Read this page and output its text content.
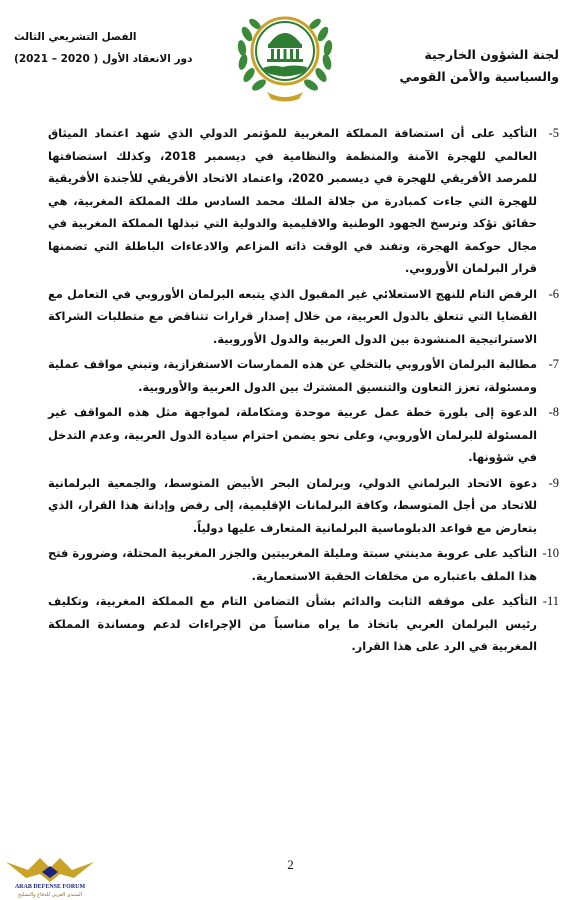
لجنة الشؤون الخارجية
والسياسية والأمن القومي
الفصل التشريعي الثالث
دور الانعقاد الأول ( 2020 – 2021)
5-
التأكيد على أن استضافة المملكة المغربية للمؤتمر الدولي الذي شهد اعتماد الميثاق العالمي للهجرة الآمنة والمنظمة والنظامية في ديسمبر 2018، وكذلك استضافتها للمرصد الأفريقي للهجرة في ديسمبر 2020، واعتماد الاتحاد الأفريقي للأجندة الأفريقية للهجرة التي جاءت كمبادرة من جلالة الملك محمد السادس ملك المملكة المغربية، هي حقائق تؤكد وترسخ الجهود الوطنية والاقليمية والدولية التي تبذلها المملكة المغربية في مجال حوكمة الهجرة، وتفند في الوقت ذاته المزاعم والادعاءات الباطلة التي تضمنها قرار البرلمان الأوروبي.
6-
الرفض التام للنهج الاستعلائي غير المقبول الذي يتبعه البرلمان الأوروبي في التعامل مع القضايا التي تتعلق بالدول العربية، من خلال إصدار قرارات تتناقض مع متطلبات الشراكة الاستراتيجية المنشودة بين الدول العربية والدول الأوروبية.
7-
مطالبة البرلمان الأوروبي بالتخلي عن هذه الممارسات الاستفزازية، وتبني مواقف عملية ومسئولة، تعزز التعاون والتنسيق المشترك بين الدول العربية والأوروبية.
8-
الدعوة إلى بلورة خطة عمل عربية موحدة ومتكاملة، لمواجهة مثل هذه المواقف غير المسئولة للبرلمان الأوروبي، وعلى نحو يضمن احترام سيادة الدول العربية، وعدم التدخل في شؤونها.
9-
دعوة الاتحاد البرلماني الدولي، وبرلمان البحر الأبيض المتوسط، والجمعية البرلمانية للاتحاد من أجل المتوسط، وكافة البرلمانات الإقليمية، إلى رفض وإدانة هذا القرار، الذي يتعارض مع قواعد الدبلوماسية البرلمانية المتعارف عليها دولياً.
10-
التأكيد على عروبة مدينتي سبتة ومليلة المغربيتين والجزر المغربية المحتلة، وضرورة فتح هذا الملف باعتباره من مخلفات الحقبة الاستعمارية.
11-
التأكيد على موقفه الثابت والدائم بشأن التضامن التام مع المملكة المغربية، وتكليف رئيس البرلمان العربي باتخاذ ما يراه مناسباً من الإجراءات لدعم ومساندة المملكة المغربية في الرد على هذا القرار.
2
ARAB DEFENSE FORUM
المنتدى العربي للدفاع والتسليح
